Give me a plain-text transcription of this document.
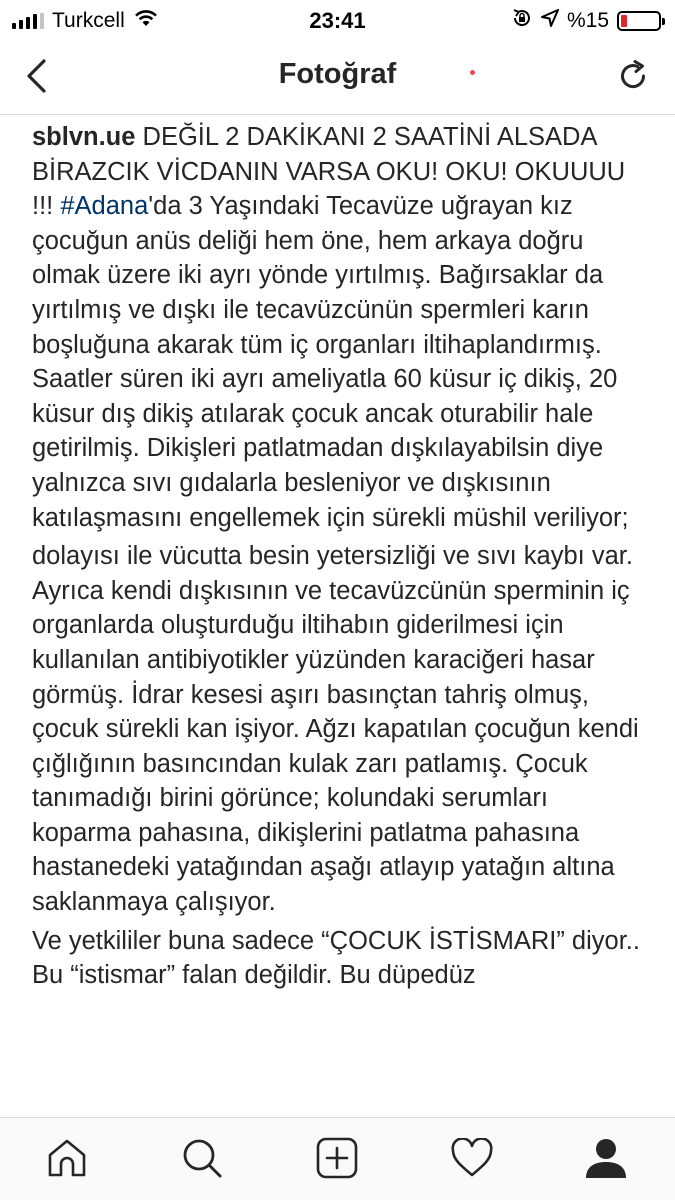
Turkcell	23:41	%15
Fotoğraf

sblvn.ue DEĞİL 2 DAKİKANI 2 SAATİNİ ALSADA BİRAZCIK VİCDANIN VARSA OKU! OKU! OKUUUU !!! #Adana'da 3 Yaşındaki Tecavüze uğrayan kız çocuğun anüs deliği hem öne, hem arkaya doğru olmak üzere iki ayrı yönde yırtılmış. Bağırsaklar da yırtılmış ve dışkı ile tecavüzcünün spermleri karın boşluğuna akarak tüm iç organları iltihaplandırmış. Saatler süren iki ayrı ameliyatla 60 küsur iç dikiş, 20 küsur dış dikiş atılarak çocuk ancak oturabilir hale getirilmiş. Dikişleri patlatmadan dışkılayabilsin diye yalnızca sıvı gıdalarla besleniyor ve dışkısının katılaşmasını engellemek için sürekli müshil veriliyor;

dolayısı ile vücutta besin yetersizliği ve sıvı kaybı var. Ayrıca kendi dışkısının ve tecavüzcünün sperminin iç organlarda oluşturduğu iltihabın giderilmesi için kullanılan antibiyotikler yüzünden karaciğeri hasar görmüş. İdrar kesesi aşırı basınçtan tahriş olmuş, çocuk sürekli kan işiyor. Ağzı kapatılan çocuğun kendi çığlığının basıncından kulak zarı patlamış. Çocuk tanımadığı birini görünce; kolundaki serumları koparma pahasına, dikişlerini patlatma pahasına hastanedeki yatağından aşağı atlayıp yatağın altına saklanmaya çalışıyor.

Ve yetkililer buna sadece “ÇOCUK İSTİSMARI” diyor.. Bu “istismar” falan değildir. Bu düpedüz
